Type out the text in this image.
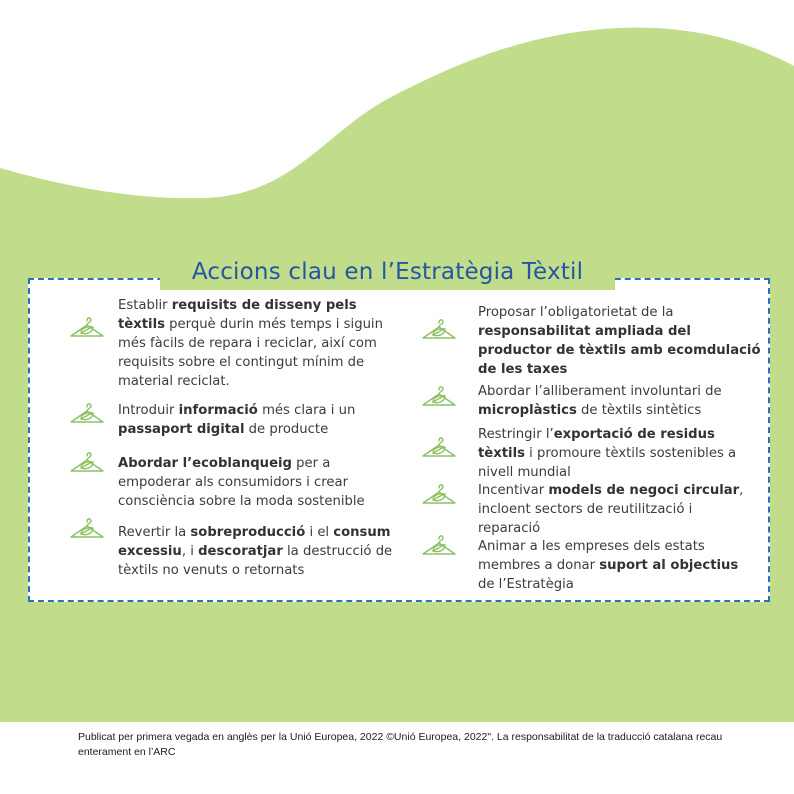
Accions clau en l’Estratègia Tèxtil
Establir requisits de disseny pels tèxtils perquè durin més temps i siguin més fàcils de repara i reciclar, així com requisits sobre el contingut mínim de material reciclat.
Introduir informació més clara i un passaport digital de producte
Abordar l’ecoblanqueig per a empoderar als consumidors i crear consciència sobre la moda sostenible
Revertir la sobreproducció i el consum excessiu, i descoratjar la destrucció de tèxtils no venuts o retornats
Proposar l’obligatorietat de la responsabilitat ampliada del productor de tèxtils amb ecomdulació de les taxes
Abordar l’alliberament involuntari de microplàstics de tèxtils sintètics
Restringir l’exportació de residus tèxtils i promoure tèxtils sostenibles a nivell mundial
Incentivar models de negoci circular, incloent sectors de reutilització i reparació
Animar a les empreses dels estats membres a donar suport al objectius de l’Estratègia

Publicat per primera vegada en anglès per la Unió Europea, 2022 ©Unió Europea, 2022". La responsabilitat de la traducció catalana recau enterament en l’ARC
